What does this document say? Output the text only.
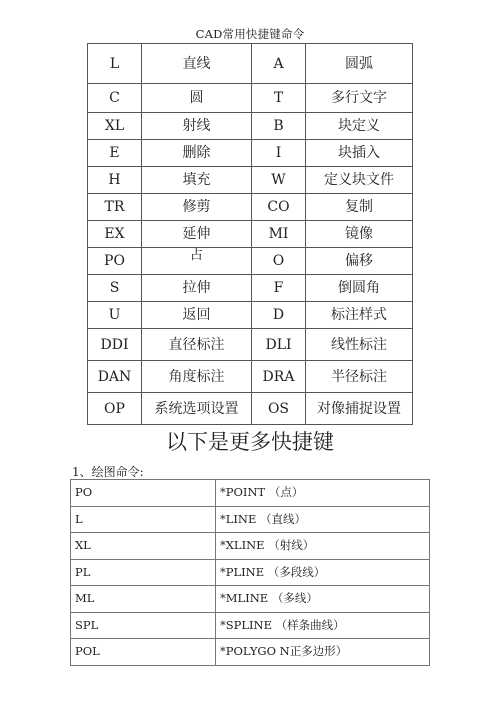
CAD常用快捷键命令
L	直线	A	圆弧
C	圆	T	多行文字
XL	射线	B	块定义
E	删除	I	块插入
H	填充	W	定义块文件
TR	修剪	CO	复制
EX	延伸	MI	镜像
PO	占	O	偏移
S	拉伸	F	倒圆角
U	返回	D	标注样式
DDI	直径标注	DLI	线性标注
DAN	角度标注	DRA	半径标注
OP	系统选项设置	OS	对像捕捉设置
以下是更多快捷键
1、绘图命令:
PO	*POINT （点）
L	*LINE （直线）
XL	*XLINE （射线）
PL	*PLINE （多段线）
ML	*MLINE （多线）
SPL	*SPLINE （样条曲线）
POL	*POLYGO N正多边形）
